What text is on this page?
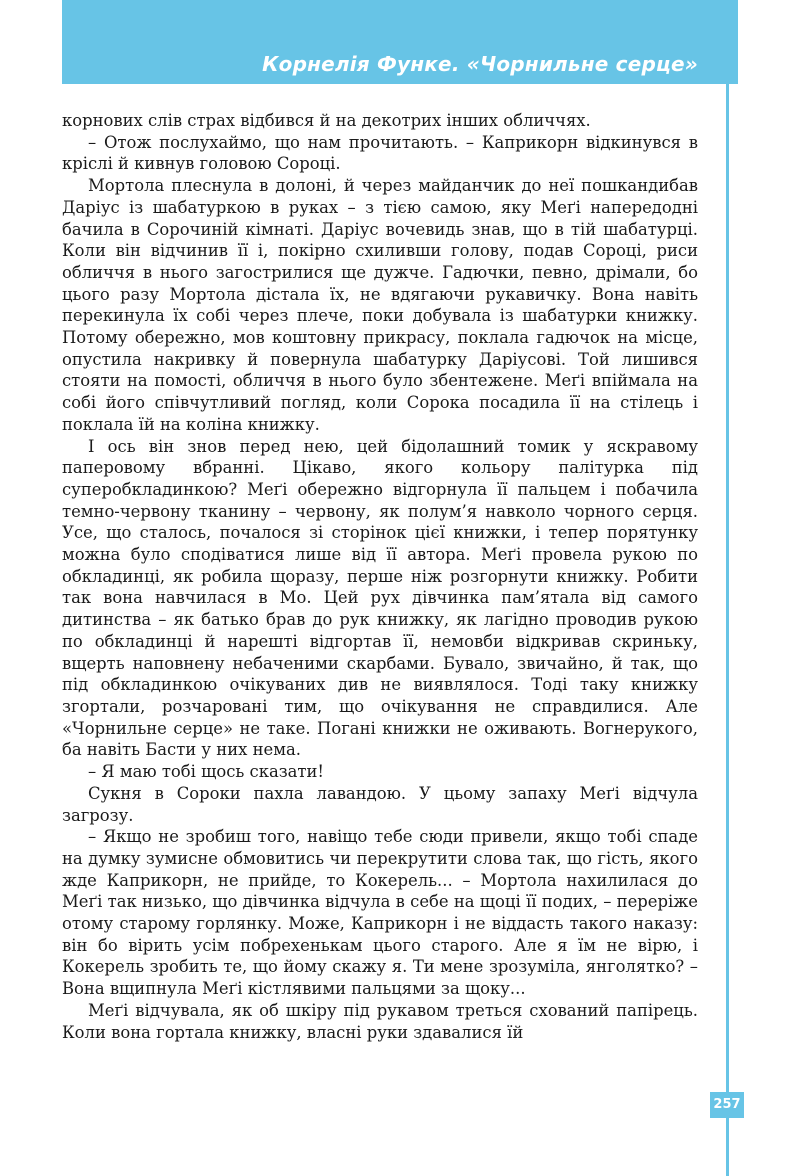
Корнелія Функе. «Чорнильне серце»

корнових слів страх відбився й на декотрих інших обличчях.

– Отож послухаймо, що нам прочитають. – Каприкорн відкинувся в кріслі й кивнув головою Сороці.

Мортола плеснула в долоні, й через майданчик до неї пошкандибав Даріус із шабатуркою в руках – з тією самою, яку Меґі напередодні бачила в Сорочиній кімнаті. Даріус вочевидь знав, що в тій шабатурці. Коли він відчинив її і, покірно схиливши голову, подав Сороці, риси обличчя в нього загострилися ще дужче. Гадючки, певно, дрімали, бо цього разу Мортола дістала їх, не вдягаючи рукавичку. Вона навіть перекинула їх собі через плече, поки добувала із шабатурки книжку. Потому обережно, мов коштовну прикрасу, поклала гадючок на місце, опустила накривку й повернула шабатурку Даріусові. Той лишився стояти на помості, обличчя в нього було збентежене. Меґі впіймала на собі його співчутливий погляд, коли Сорока посадила її на стілець і поклала їй на коліна книжку.

І ось він знов перед нею, цей бідолашний томик у яскравому паперовому вбранні. Цікаво, якого кольору палітурка під суперобкладинкою? Меґі обережно відгорнула її пальцем і побачила темно-червону тканину – червону, як полум’я навколо чорного серця. Усе, що сталось, почалося зі сторінок цієї книжки, і тепер порятунку можна було сподіватися лише від її автора. Меґі провела рукою по обкладинці, як робила щоразу, перше ніж розгорнути книжку. Робити так вона навчилася в Мо. Цей рух дівчинка пам’ятала від самого дитинства – як батько брав до рук книжку, як лагідно проводив рукою по обкладинці й нарешті відгортав її, немовби відкривав скриньку, вщерть наповнену небаченими скарбами. Бувало, звичайно, й так, що під обкладинкою очікуваних див не виявлялося. Тоді таку книжку згортали, розчаровані тим, що очікування не справдилися. Але «Чорнильне серце» не таке. Погані книжки не оживають. Вогнерукого, ба навіть Басти у них нема.

– Я маю тобі щось сказати!

Сукня в Сороки пахла лавандою. У цьому запаху Меґі відчула загрозу.

– Якщо не зробиш того, навіщо тебе сюди привели, якщо тобі спаде на думку зумисне обмовитись чи перекрутити слова так, що гість, якого жде Каприкорн, не прийде, то Кокерель... – Мортола нахилилася до Меґі так низько, що дівчинка відчула в себе на щоці її подих, – переріже отому старому горлянку. Може, Каприкорн і не віддасть такого наказу: він бо вірить усім побрехенькам цього старого. Але я їм не вірю, і Кокерель зробить те, що йому скажу я. Ти мене зрозуміла, янголятко? – Вона вщипнула Меґі кістлявими пальцями за щоку...

Меґі відчувала, як об шкіру під рукавом треться схований папірець. Коли вона гортала книжку, власні руки здавалися їй

257
